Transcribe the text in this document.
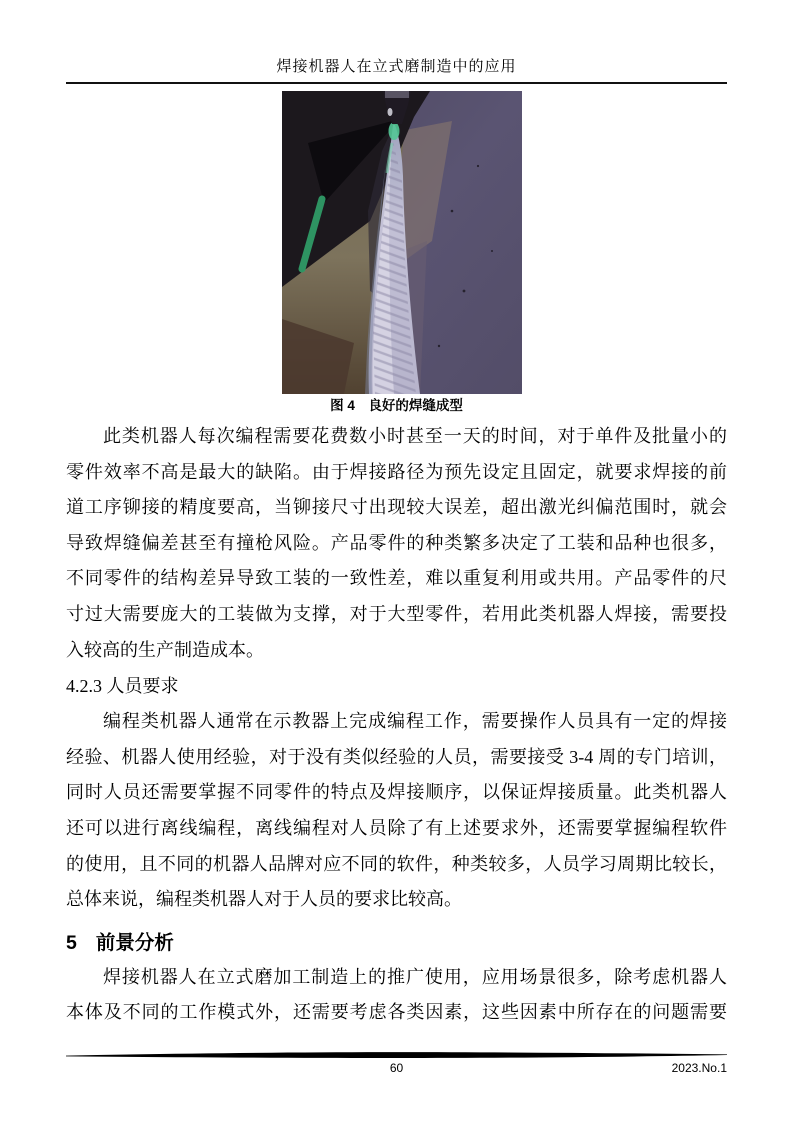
焊接机器人在立式磨制造中的应用
图 4　良好的焊缝成型
此类机器人每次编程需要花费数小时甚至一天的时间，对于单件及批量小的
零件效率不高是最大的缺陷。由于焊接路径为预先设定且固定，就要求焊接的前
道工序铆接的精度要高，当铆接尺寸出现较大误差，超出激光纠偏范围时，就会
导致焊缝偏差甚至有撞枪风险。产品零件的种类繁多决定了工装和品种也很多，
不同零件的结构差异导致工装的一致性差，难以重复利用或共用。产品零件的尺
寸过大需要庞大的工装做为支撑，对于大型零件，若用此类机器人焊接，需要投
入较高的生产制造成本。
4.2.3 人员要求
编程类机器人通常在示教器上完成编程工作，需要操作人员具有一定的焊接
经验、机器人使用经验，对于没有类似经验的人员，需要接受 3-4 周的专门培训，
同时人员还需要掌握不同零件的特点及焊接顺序，以保证焊接质量。此类机器人
还可以进行离线编程，离线编程对人员除了有上述要求外，还需要掌握编程软件
的使用，且不同的机器人品牌对应不同的软件，种类较多，人员学习周期比较长，
总体来说，编程类机器人对于人员的要求比较高。
5 前景分析
焊接机器人在立式磨加工制造上的推广使用，应用场景很多，除考虑机器人
本体及不同的工作模式外，还需要考虑各类因素，这些因素中所存在的问题需要
60	2023.No.1
